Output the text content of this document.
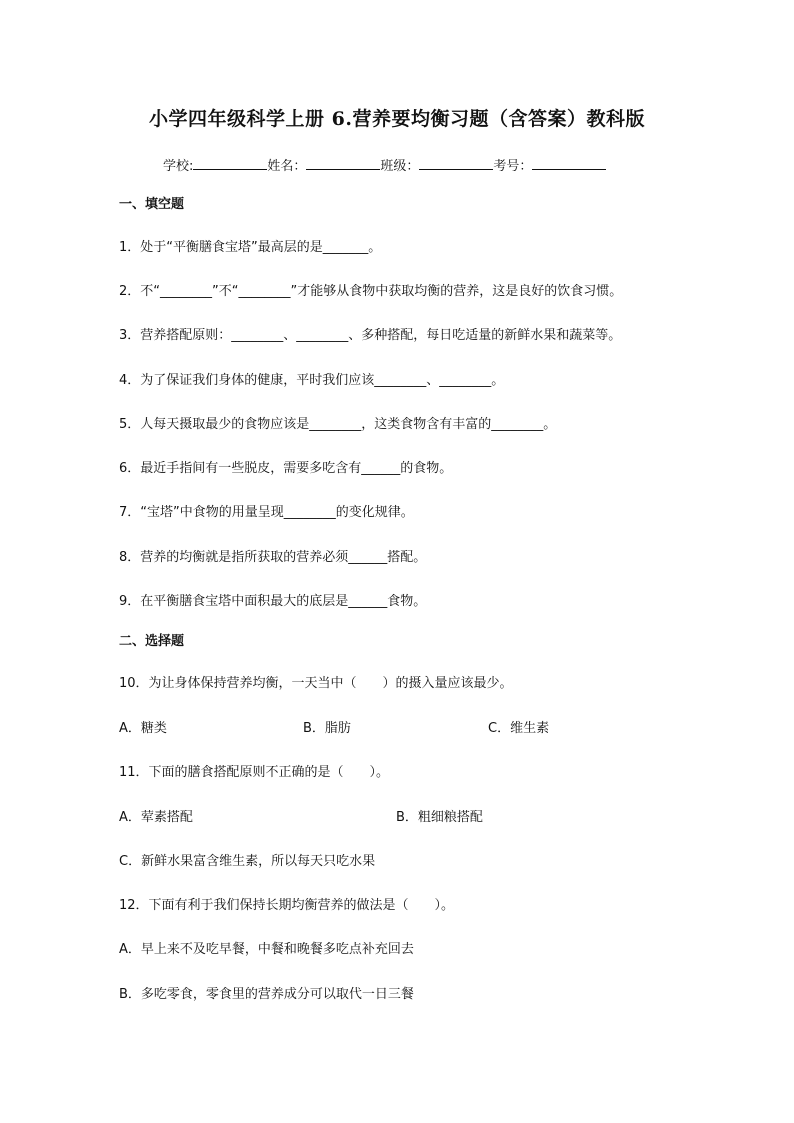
小学四年级科学上册 6.营养要均衡习题（含答案）教科版
学校:	姓名：	班级：	考号：
一、填空题
1．处于“平衡膳食宝塔”最高层的是_______。
2．不“________”不“________”才能够从食物中获取均衡的营养，这是良好的饮食习惯。
3．营养搭配原则：________、________、多种搭配，每日吃适量的新鲜水果和蔬菜等。
4．为了保证我们身体的健康，平时我们应该________、________。
5．人每天摄取最少的食物应该是________，这类食物含有丰富的________。
6．最近手指间有一些脱皮，需要多吃含有______的食物。
7．“宝塔”中食物的用量呈现________的变化规律。
8．营养的均衡就是指所获取的营养必须______搭配。
9．在平衡膳食宝塔中面积最大的底层是______食物。
二、选择题
10．为让身体保持营养均衡，一天当中（　　）的摄入量应该最少。
A．糖类	B．脂肪	C．维生素
11．下面的膳食搭配原则不正确的是（　　）。
A．荤素搭配	B．粗细粮搭配
C．新鲜水果富含维生素，所以每天只吃水果
12．下面有利于我们保持长期均衡营养的做法是（　　）。
A．早上来不及吃早餐，中餐和晚餐多吃点补充回去
B．多吃零食，零食里的营养成分可以取代一日三餐
